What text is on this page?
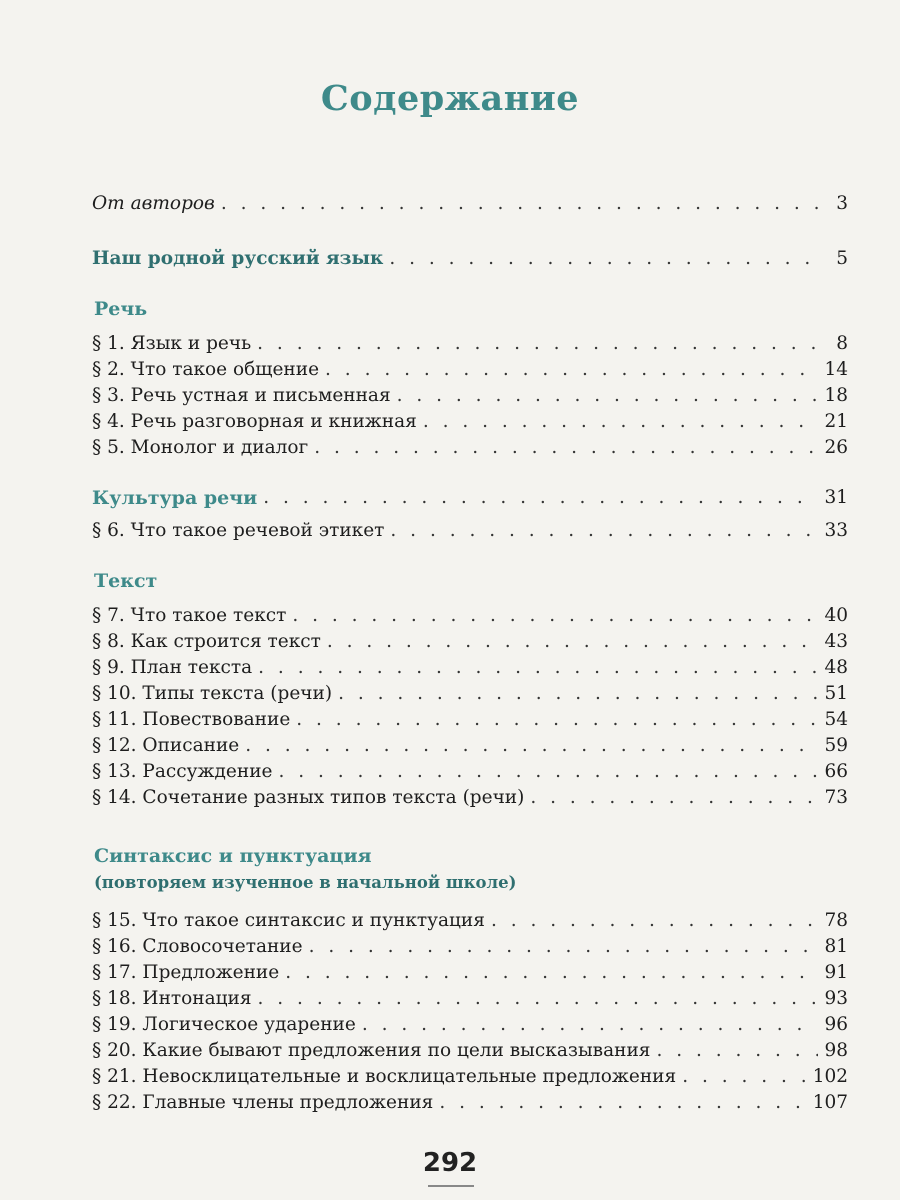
Содержание
От авторов . . .	3
Наш родной русский язык . . .	5
Речь
§ 1. Язык и речь . . .	8
§ 2. Что такое общение . . .	14
§ 3. Речь устная и письменная . . .	18
§ 4. Речь разговорная и книжная . . .	21
§ 5. Монолог и диалог . . .	26
Культура речи . . .	31
§ 6. Что такое речевой этикет . . .	33
Текст
§ 7. Что такое текст . . .	40
§ 8. Как строится текст . . .	43
§ 9. План текста . . .	48
§ 10. Типы текста (речи) . . .	51
§ 11. Повествование . . .	54
§ 12. Описание . . .	59
§ 13. Рассуждение . . .	66
§ 14. Сочетание разных типов текста (речи) . . .	73
Синтаксис и пунктуация
(повторяем изученное в начальной школе)
§ 15. Что такое синтаксис и пунктуация . . .	78
§ 16. Словосочетание . . .	81
§ 17. Предложение . . .	91
§ 18. Интонация . . .	93
§ 19. Логическое ударение . . .	96
§ 20. Какие бывают предложения по цели высказывания . . .	98
§ 21. Невосклицательные и восклицательные предложения . . .	102
§ 22. Главные члены предложения . . .	107
292
